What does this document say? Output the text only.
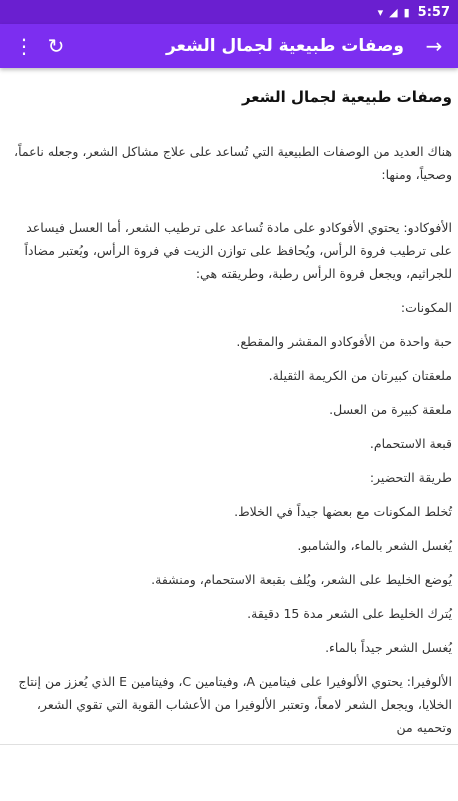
▾ ◢ ▮ 5:57
⋮ ↻	وصفات طبيعية لجمال الشعر	→
وصفات طبيعية لجمال الشعر

هناك العديد من الوصفات الطبيعية التي تُساعد على علاج مشاكل الشعر، وجعله ناعماً، وصحياً، ومنها:

الأفوكادو: يحتوي الأفوكادو على مادة تُساعد على ترطيب الشعر، أما العسل فيساعد على ترطيب فروة الرأس، ويُحافظ على توازن الزيت في فروة الرأس، ويُعتبر مضاداً للجراثيم، ويجعل فروة الرأس رطبة، وطريقته هي:

المكونات:

حبة واحدة من الأفوكادو المقشر والمقطع.

ملعقتان كبيرتان من الكريمة الثقيلة.

ملعقة كبيرة من العسل.

قبعة الاستحمام.

طريقة التحضير:

تُخلط المكونات مع بعضها جيداً في الخلاط.

يُغسل الشعر بالماء، والشامبو.

يُوضع الخليط على الشعر، ويُلف بقبعة الاستحمام، ومنشفة.

يُترك الخليط على الشعر مدة 15 دقيقة.

يُغسل الشعر جيداً بالماء.

الألوفيرا: يحتوي الألوفيرا على فيتامين A، وفيتامين C، وفيتامين E الذي يُعزز من إنتاج الخلايا، ويجعل الشعر لامعاً، وتعتبر الألوفيرا من الأعشاب القوية التي تقوي الشعر، وتحميه من
